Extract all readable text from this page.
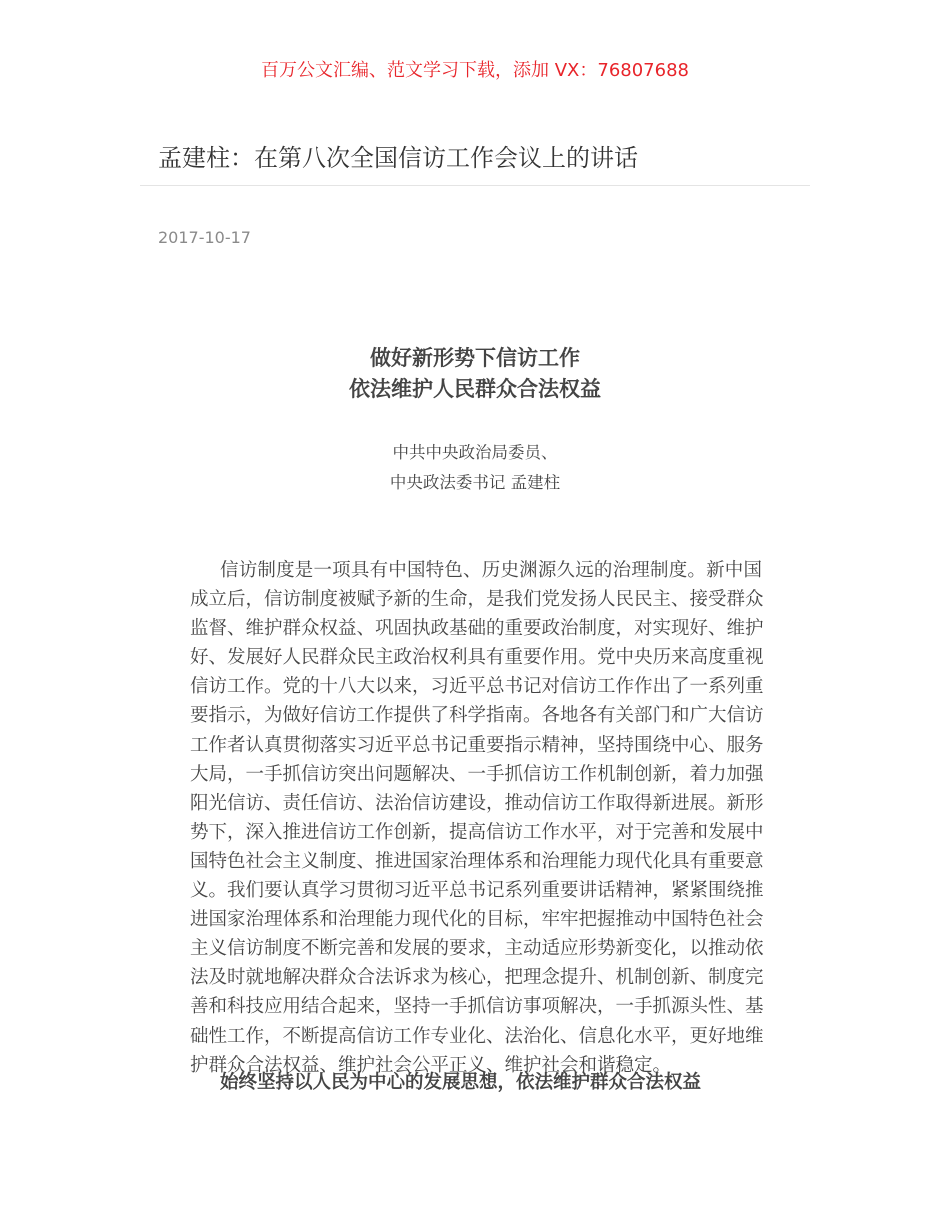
百万公文汇编、范文学习下载，添加 VX：76807688
孟建柱：在第八次全国信访工作会议上的讲话
2017-10-17
做好新形势下信访工作
依法维护人民群众合法权益
中共中央政治局委员、
中央政法委书记 孟建柱
信访制度是一项具有中国特色、历史渊源久远的治理制度。新中国
成立后，信访制度被赋予新的生命，是我们党发扬人民民主、接受群众
监督、维护群众权益、巩固执政基础的重要政治制度，对实现好、维护
好、发展好人民群众民主政治权利具有重要作用。党中央历来高度重视
信访工作。党的十八大以来，习近平总书记对信访工作作出了一系列重
要指示，为做好信访工作提供了科学指南。各地各有关部门和广大信访
工作者认真贯彻落实习近平总书记重要指示精神，坚持围绕中心、服务
大局，一手抓信访突出问题解决、一手抓信访工作机制创新，着力加强
阳光信访、责任信访、法治信访建设，推动信访工作取得新进展。新形
势下，深入推进信访工作创新，提高信访工作水平，对于完善和发展中
国特色社会主义制度、推进国家治理体系和治理能力现代化具有重要意
义。我们要认真学习贯彻习近平总书记系列重要讲话精神，紧紧围绕推
进国家治理体系和治理能力现代化的目标，牢牢把握推动中国特色社会
主义信访制度不断完善和发展的要求，主动适应形势新变化，以推动依
法及时就地解决群众合法诉求为核心，把理念提升、机制创新、制度完
善和科技应用结合起来，坚持一手抓信访事项解决，一手抓源头性、基
础性工作，不断提高信访工作专业化、法治化、信息化水平，更好地维
护群众合法权益、维护社会公平正义、维护社会和谐稳定。
始终坚持以人民为中心的发展思想，依法维护群众合法权益
